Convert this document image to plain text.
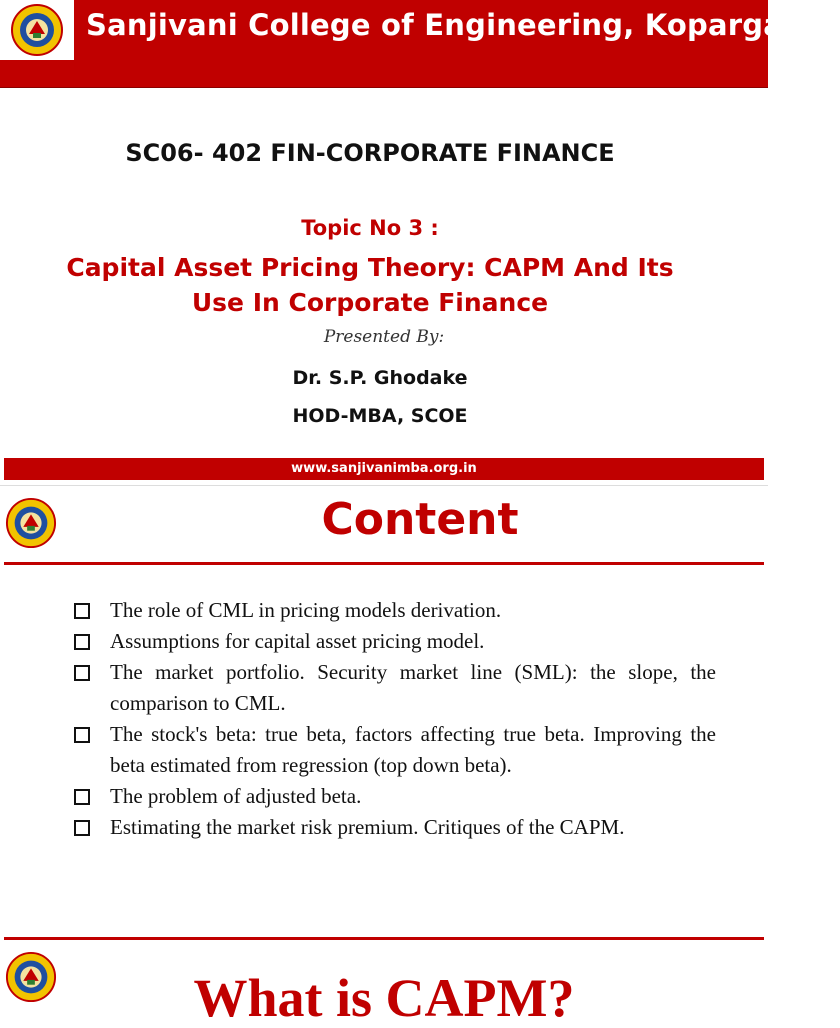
Sanjivani College of Engineering, Kopargaon
SC06- 402 FIN-CORPORATE FINANCE
Topic No 3 :
Capital Asset Pricing Theory: CAPM And Its
Use In Corporate Finance
Presented By:
Dr. S.P. Ghodake
HOD-MBA, SCOE
www.sanjivanimba.org.in
Content
The role of CML in pricing models derivation.
Assumptions for capital asset pricing model.
The market portfolio. Security market line (SML): the slope, the comparison to CML.
The stock's beta: true beta, factors affecting true beta. Improving the beta estimated from regression (top down beta).
The problem of adjusted beta.
Estimating the market risk premium. Critiques of the CAPM.
What is CAPM?
